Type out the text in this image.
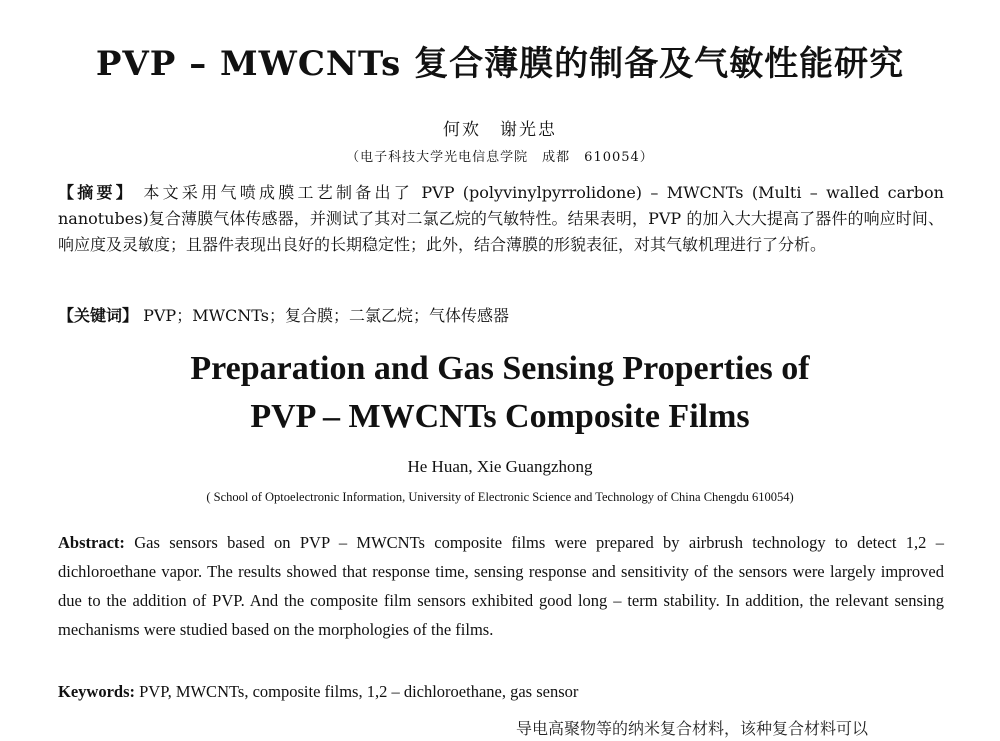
PVP – MWCNTs 复合薄膜的制备及气敏性能研究
何欢　谢光忠
（电子科技大学光电信息学院　成都　610054）
【摘要】 本文采用气喷成膜工艺制备出了 PVP (polyvinylpyrrolidone) – MWCNTs (Multi – walled carbon nanotubes)复合薄膜气体传感器，并测试了其对二氯乙烷的气敏特性。结果表明，PVP 的加入大大提高了器件的响应时间、响应度及灵敏度；且器件表现出良好的长期稳定性；此外，结合薄膜的形貌表征，对其气敏机理进行了分析。
【关键词】 PVP；MWCNTs；复合膜；二氯乙烷；气体传感器
Preparation and Gas Sensing Properties of
PVP – MWCNTs Composite Films
He Huan, Xie Guangzhong
( School of Optoelectronic Information, University of Electronic Science and Technology of China Chengdu 610054)
Abstract: Gas sensors based on PVP – MWCNTs composite films were prepared by airbrush technology to detect 1,2 – dichloroethane vapor. The results showed that response time, sensing response and sensitivity of the sensors were largely improved due to the addition of PVP. And the composite film sensors exhibited good long – term stability. In addition, the relevant sensing mechanisms were studied based on the morphologies of the films.
Keywords: PVP, MWCNTs, composite films, 1,2 – dichloroethane, gas sensor
导电高聚物等的纳米复合材料，该种复合材料可以
